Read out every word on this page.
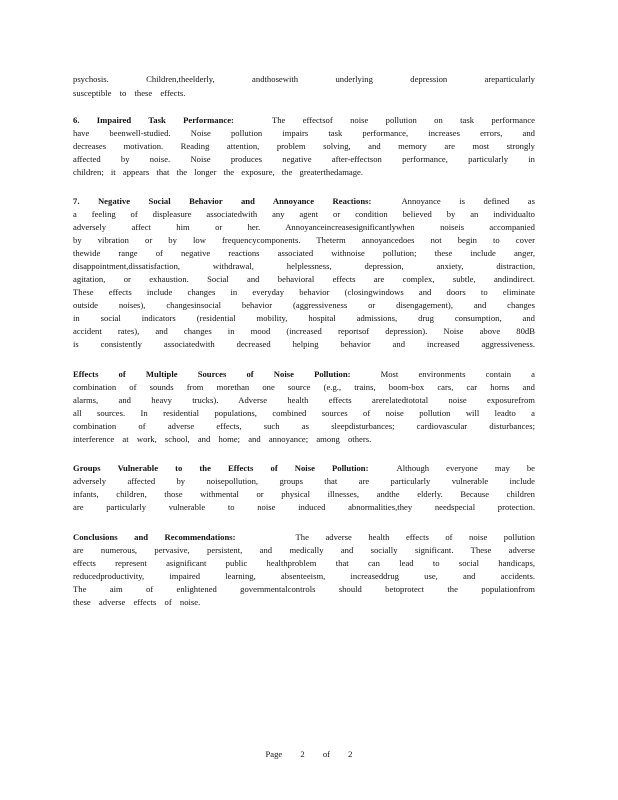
psychosis. Children,theelderly, andthosewith underlying depression areparticularly
susceptible to these effects.
6. Impaired Task Performance:	The effectsof noise pollution on task performance
have beenwell-studied. Noise pollution impairs task performance, increases errors, and
decreases motivation. Reading attention, problem solving, and memory are most strongly
affected by noise. Noise produces negative after-effectson performance, particularly in
children; it appears that the longer the exposure, the greaterthedamage.
7. Negative Social Behavior and Annoyance Reactions:	Annoyance is defined as
a feeling of displeasure associatedwith any agent or condition believed by an individualto
adversely affect him or her. Annoyanceincreasesignificantlywhen noiseis accompanied
by vibration or by low frequencycomponents. Theterm annoyancedoes not begin to cover
thewide range of negative reactions associated withnoise pollution; these include anger,
disappointment,dissatisfaction, withdrawal, helplessness, depression, anxiety, distraction,
agitation, or exhaustion. Social and behavioral effects are complex, subtle, andindirect.
These effects include changes in everyday behavior (closingwindows and doors to eliminate
outside noises), changesinsocial behavior (aggressiveness or disengagement), and changes
in social indicators (residential mobility, hospital admissions, drug consumption, and
accident rates), and changes in mood (increased reportsof depression). Noise above 80dB
is consistently associatedwith decreased helping behavior and increased aggressiveness.
Effects of Multiple Sources of Noise Pollution:	Most environments contain a
combination of sounds from morethan one source (e.g., trains, boom-box cars, car horns and
alarms, and heavy trucks). Adverse health effects arerelatedtototal noise exposurefrom
all sources. In residential populations, combined sources of noise pollution will leadto a
combination of adverse effects, such as sleepdisturbances; cardiovascular disturbances;
interference at work, school, and home; and annoyance; among others.
Groups Vulnerable to the Effects of Noise Pollution:	Although everyone may be
adversely affected by noisepollution, groups that are particularly vulnerable include
infants, children, those withmental or physical illnesses, andthe elderly. Because children
are particularly vulnerable to noise induced abnormalities,they needspecial protection.
Conclusions and Recommendations:	The adverse health effects of noise pollution
are numerous, pervasive, persistent, and medically and socially significant. These adverse
effects represent asignificant public healthproblem that can lead to social handicaps,
reducedproductivity, impaired learning, absenteeism, increaseddrug use, and accidents.
The aim of enlightened governmentalcontrols should betoprotect the populationfrom
these adverse effects of noise.
Page 2 of 2
